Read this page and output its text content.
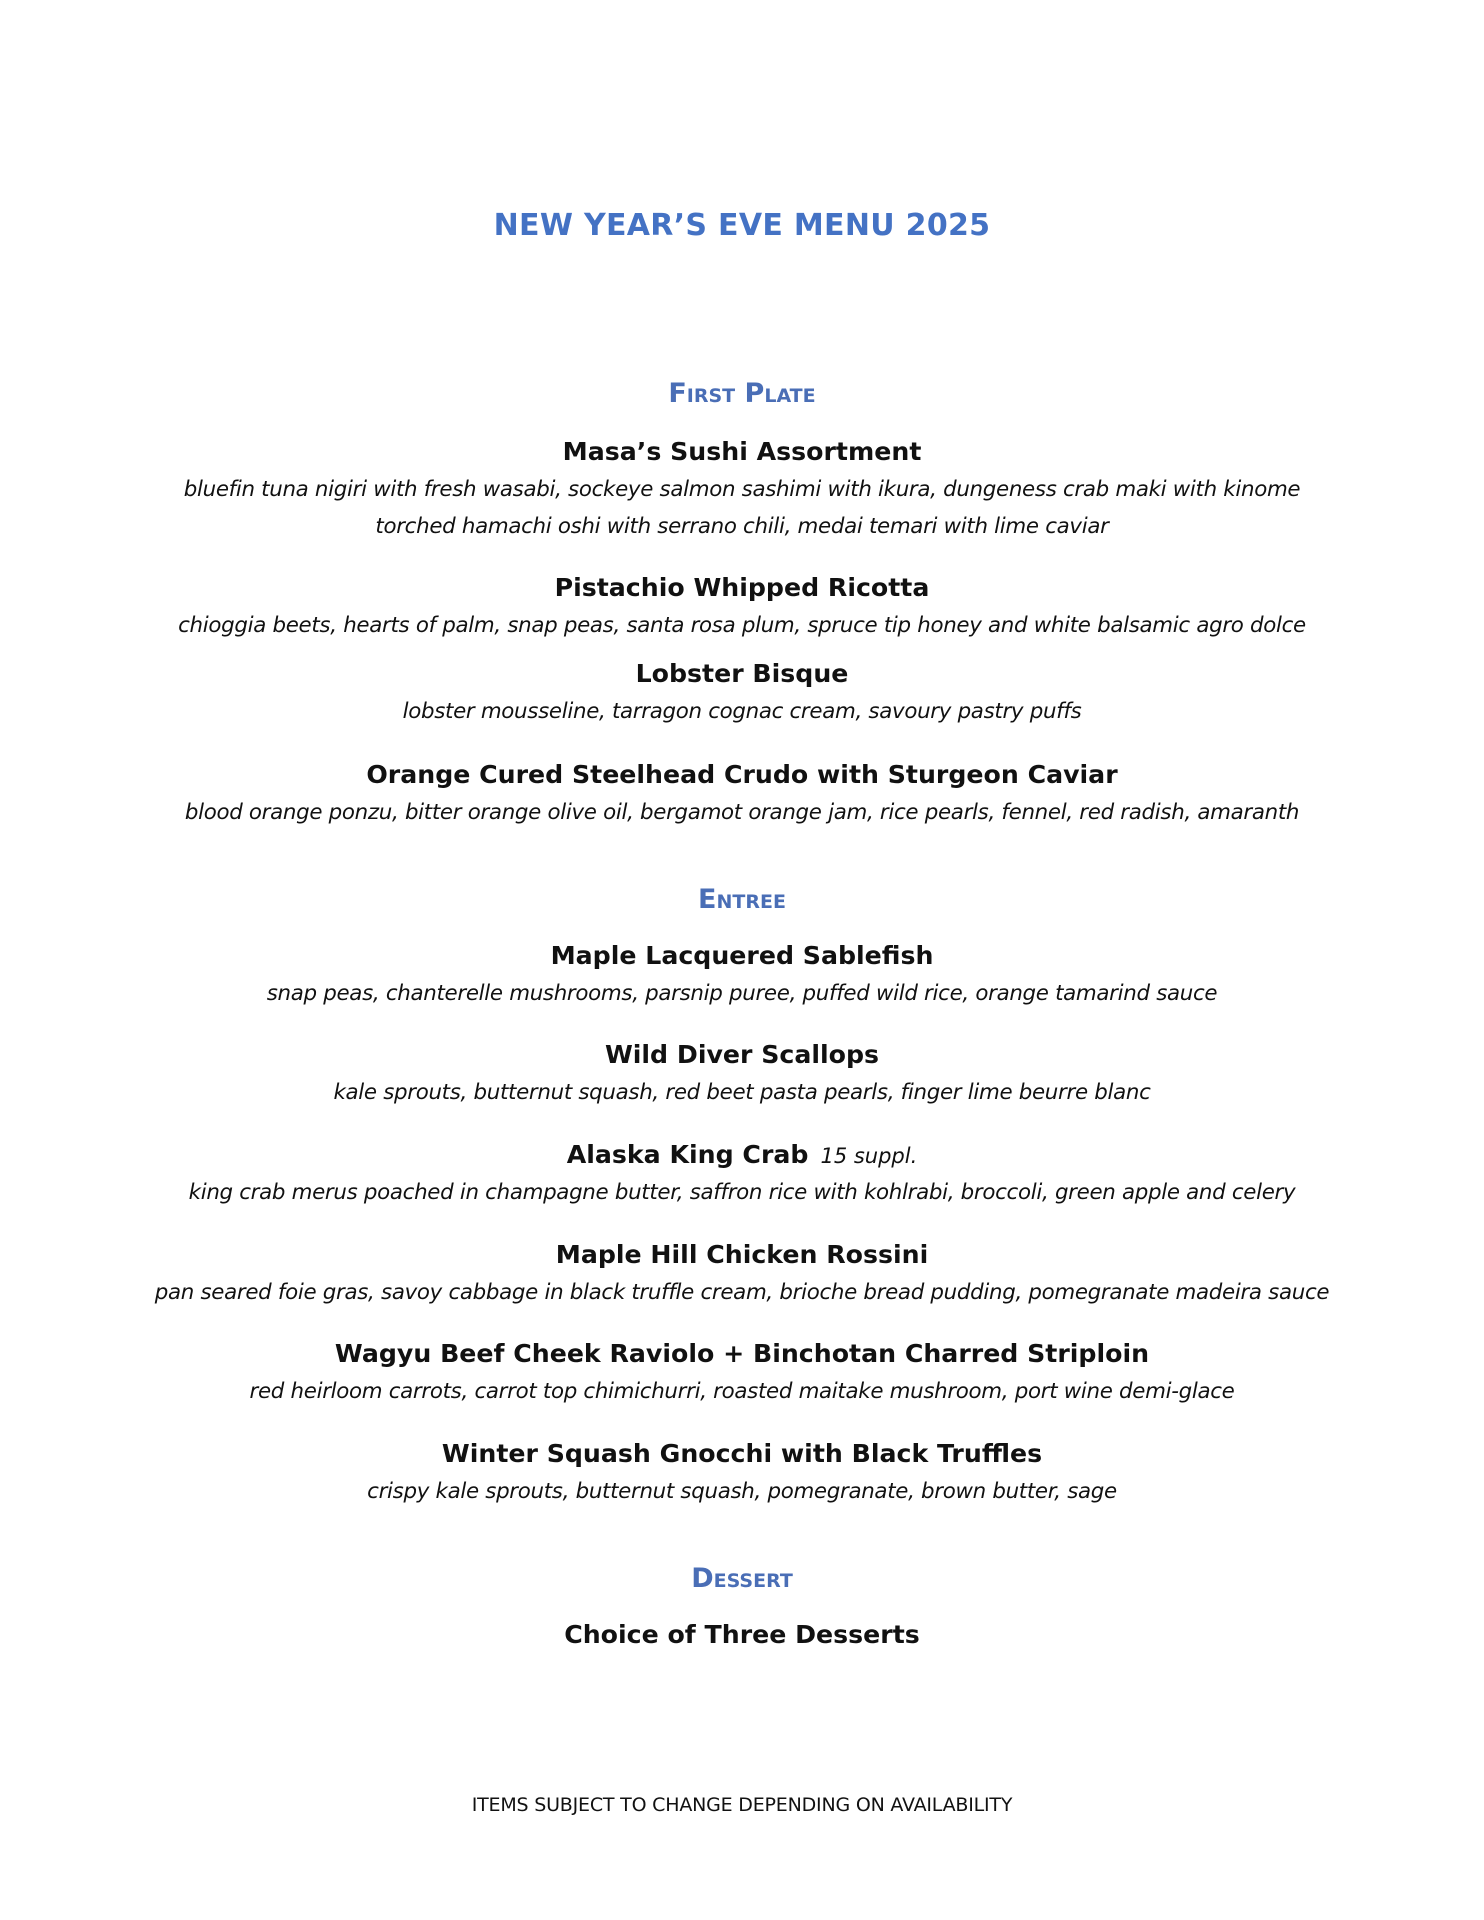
NEW YEAR’S EVE MENU 2025
First Plate
Masa’s Sushi Assortment
bluefin tuna nigiri with fresh wasabi, sockeye salmon sashimi with ikura, dungeness crab maki with kinome
torched hamachi oshi with serrano chili, medai temari with lime caviar
Pistachio Whipped Ricotta
chioggia beets, hearts of palm, snap peas, santa rosa plum, spruce tip honey and white balsamic agro dolce
Lobster Bisque
lobster mousseline, tarragon cognac cream, savoury pastry puffs
Orange Cured Steelhead Crudo with Sturgeon Caviar
blood orange ponzu, bitter orange olive oil, bergamot orange jam, rice pearls, fennel, red radish, amaranth
Entree
Maple Lacquered Sablefish
snap peas, chanterelle mushrooms, parsnip puree, puffed wild rice, orange tamarind sauce
Wild Diver Scallops
kale sprouts, butternut squash, red beet pasta pearls, finger lime beurre blanc
Alaska King Crab 15 suppl.
king crab merus poached in champagne butter, saffron rice with kohlrabi, broccoli, green apple and celery
Maple Hill Chicken Rossini
pan seared foie gras, savoy cabbage in black truffle cream, brioche bread pudding, pomegranate madeira sauce
Wagyu Beef Cheek Raviolo + Binchotan Charred Striploin
red heirloom carrots, carrot top chimichurri, roasted maitake mushroom, port wine demi-glace
Winter Squash Gnocchi with Black Truffles
crispy kale sprouts, butternut squash, pomegranate, brown butter, sage
Dessert
Choice of Three Desserts
ITEMS SUBJECT TO CHANGE DEPENDING ON AVAILABILITY
